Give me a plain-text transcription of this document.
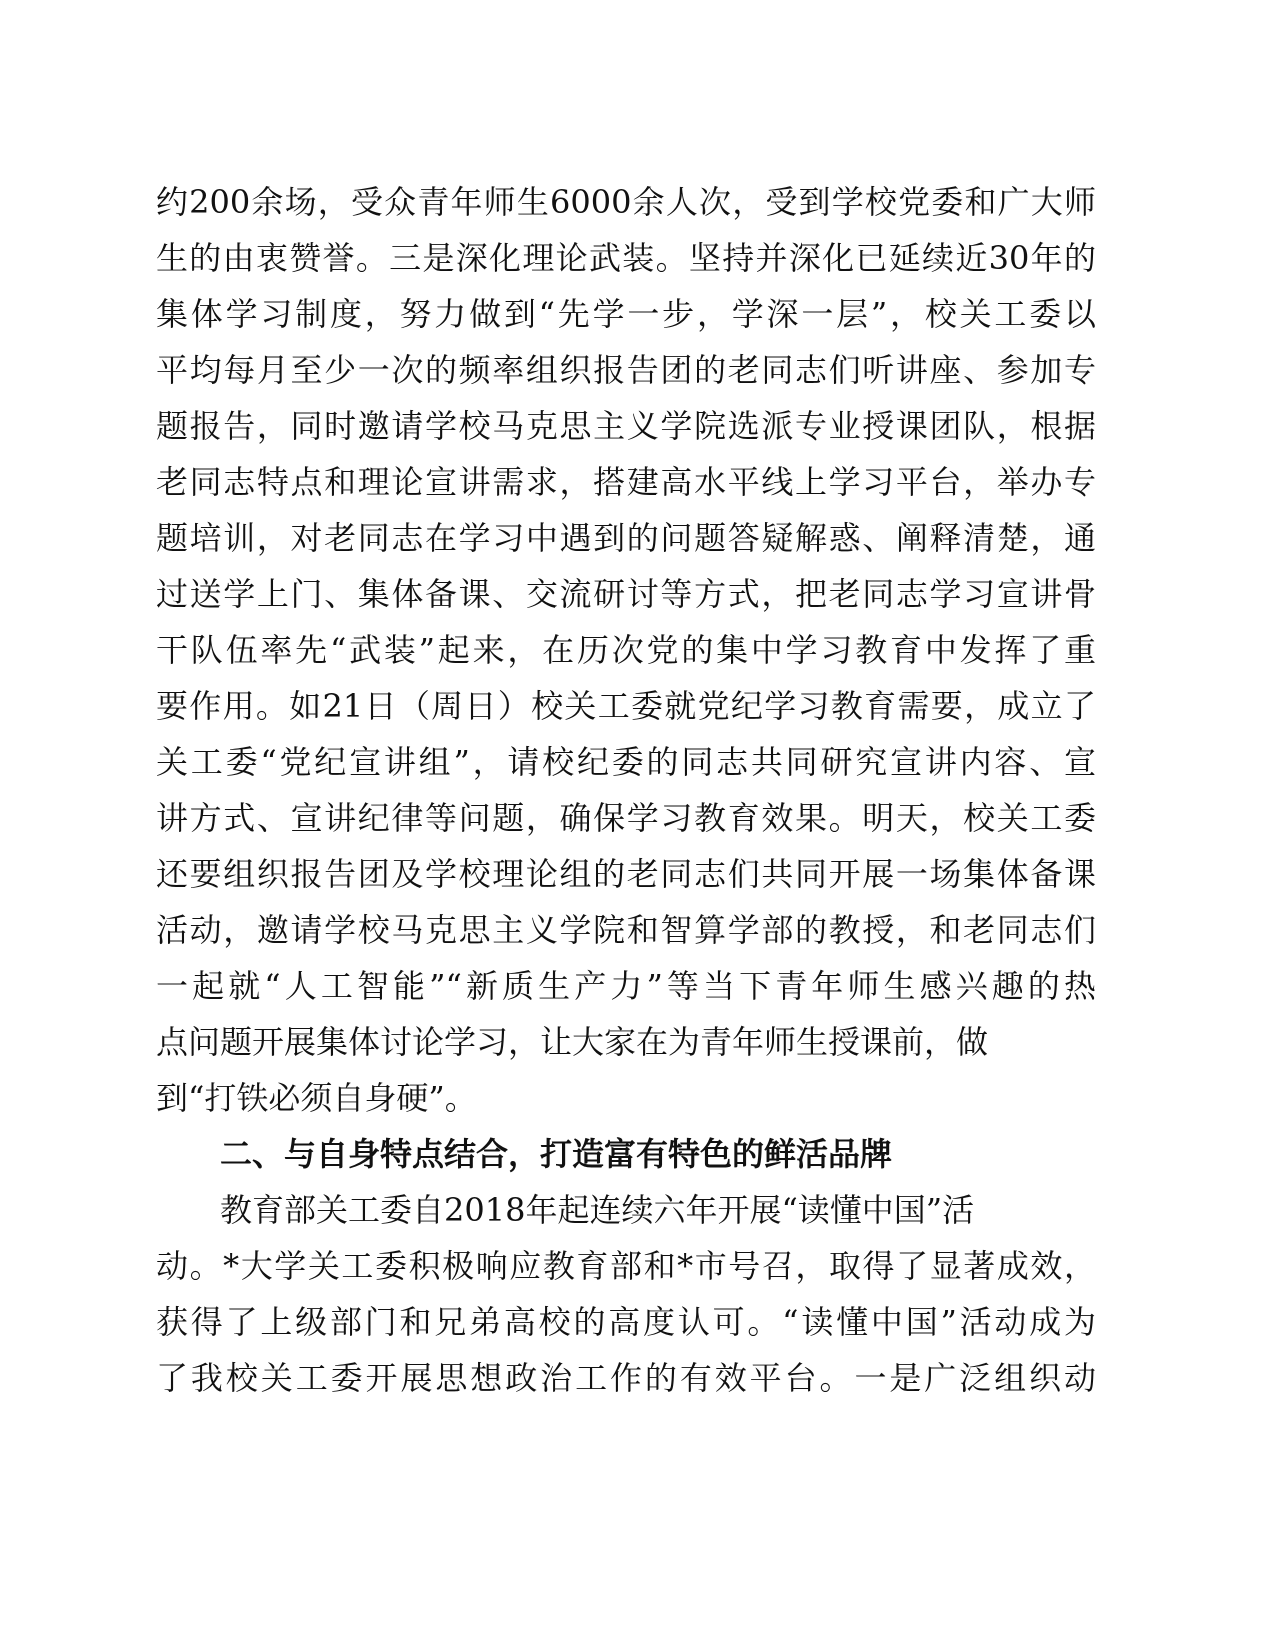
约200余场，受众青年师生6000余人次，受到学校党委和广大师
生的由衷赞誉。三是深化理论武装。坚持并深化已延续近30年的
集体学习制度，努力做到“先学一步，学深一层”，校关工委以
平均每月至少一次的频率组织报告团的老同志们听讲座、参加专
题报告，同时邀请学校马克思主义学院选派专业授课团队，根据
老同志特点和理论宣讲需求，搭建高水平线上学习平台，举办专
题培训，对老同志在学习中遇到的问题答疑解惑、阐释清楚，通
过送学上门、集体备课、交流研讨等方式，把老同志学习宣讲骨
干队伍率先“武装”起来，在历次党的集中学习教育中发挥了重
要作用。如21日（周日）校关工委就党纪学习教育需要，成立了
关工委“党纪宣讲组”，请校纪委的同志共同研究宣讲内容、宣
讲方式、宣讲纪律等问题，确保学习教育效果。明天，校关工委
还要组织报告团及学校理论组的老同志们共同开展一场集体备课
活动，邀请学校马克思主义学院和智算学部的教授，和老同志们
一起就“人工智能”“新质生产力”等当下青年师生感兴趣的热
点问题开展集体讨论学习，让大家在为青年师生授课前，做
到“打铁必须自身硬”。
二、与自身特点结合，打造富有特色的鲜活品牌
教育部关工委自2018年起连续六年开展“读懂中国”活
动。*大学关工委积极响应教育部和*市号召，取得了显著成效，
获得了上级部门和兄弟高校的高度认可。“读懂中国”活动成为
了我校关工委开展思想政治工作的有效平台。一是广泛组织动
